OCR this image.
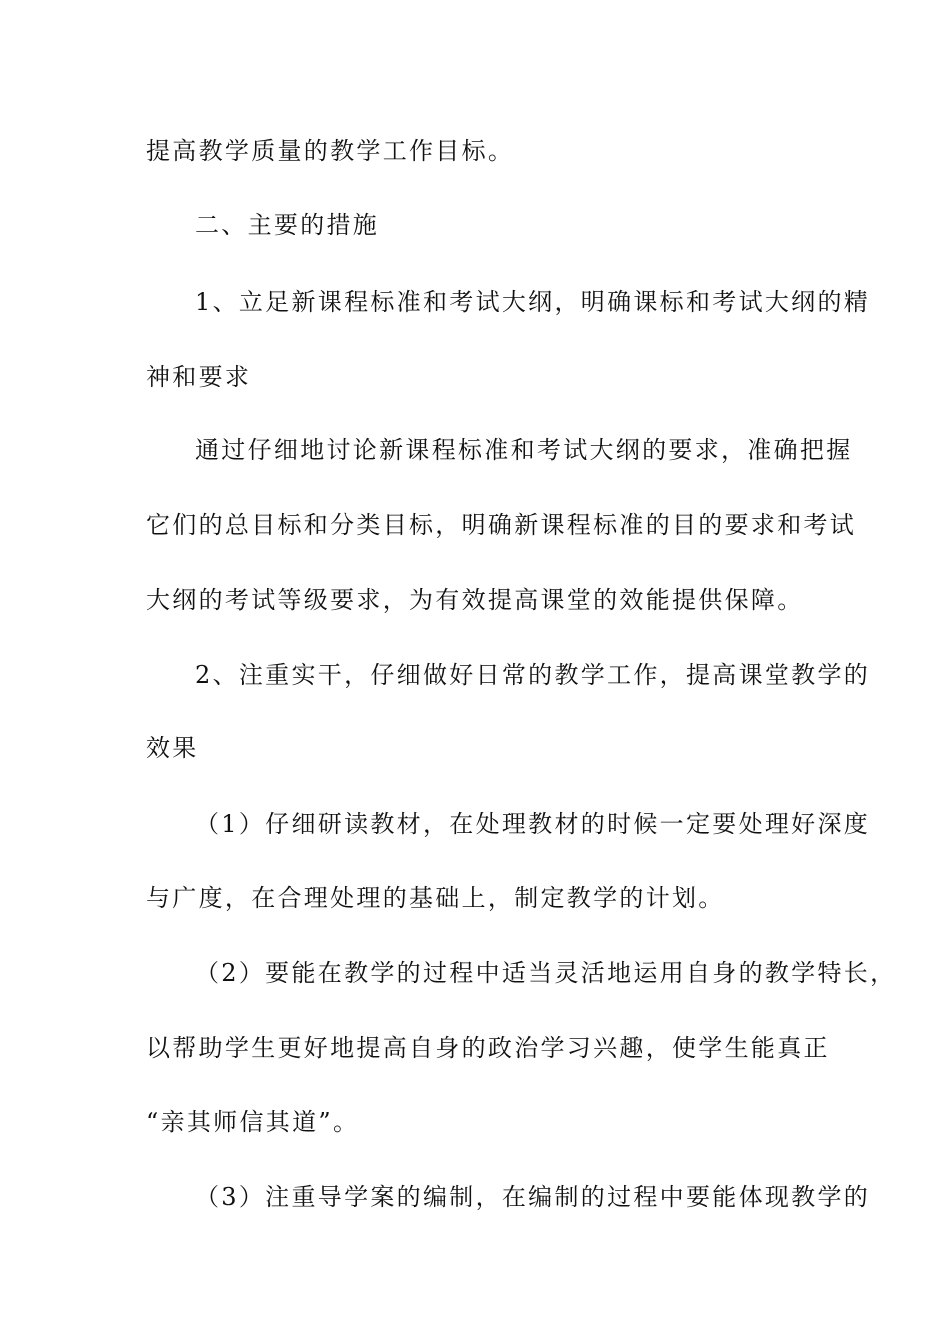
提高教学质量的教学工作目标。
二、主要的措施
1、立足新课程标准和考试大纲，明确课标和考试大纲的精
神和要求
通过仔细地讨论新课程标准和考试大纲的要求，准确把握
它们的总目标和分类目标，明确新课程标准的目的要求和考试
大纲的考试等级要求，为有效提高课堂的效能提供保障。
2、注重实干，仔细做好日常的教学工作，提高课堂教学的
效果
（1）仔细研读教材，在处理教材的时候一定要处理好深度
与广度，在合理处理的基础上，制定教学的计划。
（2）要能在教学的过程中适当灵活地运用自身的教学特长，
以帮助学生更好地提高自身的政治学习兴趣，使学生能真正
“亲其师信其道”。
（3）注重导学案的编制，在编制的过程中要能体现教学的
